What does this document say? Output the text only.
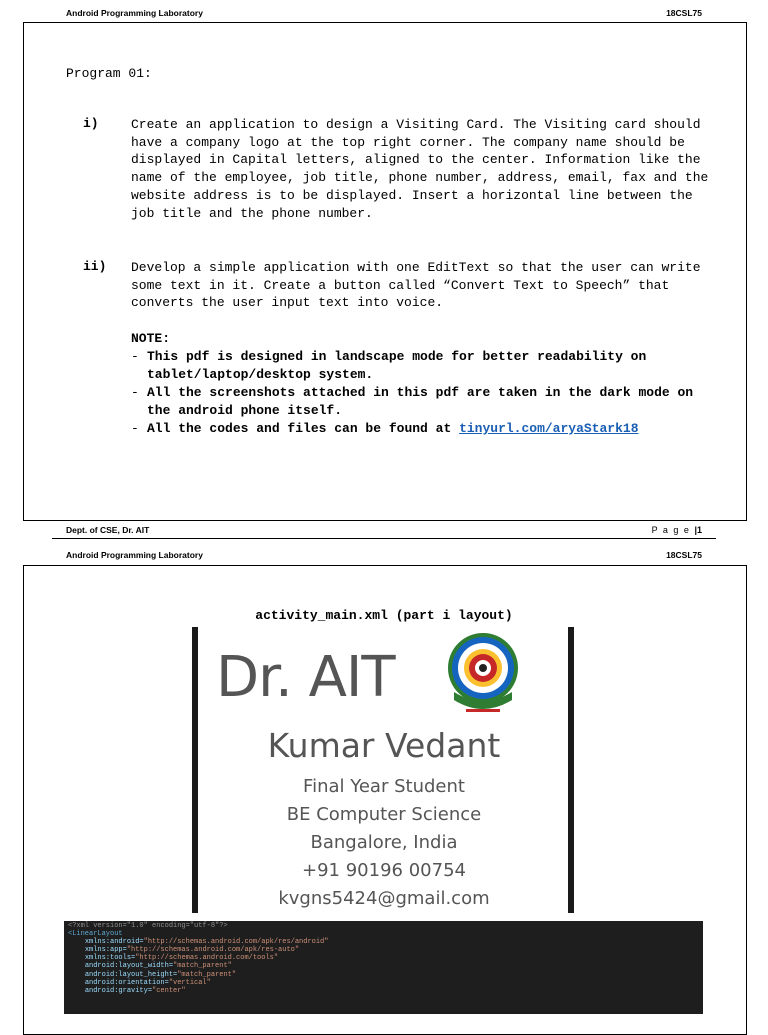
Android Programming Laboratory	18CSL75
Program 01:
i) Create an application to design a Visiting Card. The Visiting card should have a company logo at the top right corner. The company name should be displayed in Capital letters, aligned to the center. Information like the name of the employee, job title, phone number, address, email, fax and the website address is to be displayed. Insert a horizontal line between the job title and the phone number.
ii) Develop a simple application with one EditText so that the user can write some text in it. Create a button called “Convert Text to Speech” that converts the user input text into voice.
NOTE:
- This pdf is designed in landscape mode for better readability on tablet/laptop/desktop system.
- All the screenshots attached in this pdf are taken in the dark mode on the android phone itself.
- All the codes and files can be found at tinyurl.com/aryaStark18
Dept. of CSE, Dr. AIT	P a g e |1
Android Programming Laboratory	18CSL75
activity_main.xml (part i layout)
Dr. AIT
Kumar Vedant
Final Year Student
BE Computer Science
Bangalore, India
+91 90196 00754
kvgns5424@gmail.com
<?xml version="1.0" encoding="utf-8"?>
<LinearLayout
xmlns:android="http://schemas.android.com/apk/res/android"
xmlns:app="http://schemas.android.com/apk/res-auto"
xmlns:tools="http://schemas.android.com/tools"
android:layout_width="match_parent"
android:layout_height="match_parent"
android:orientation="vertical"
android:gravity="center"
